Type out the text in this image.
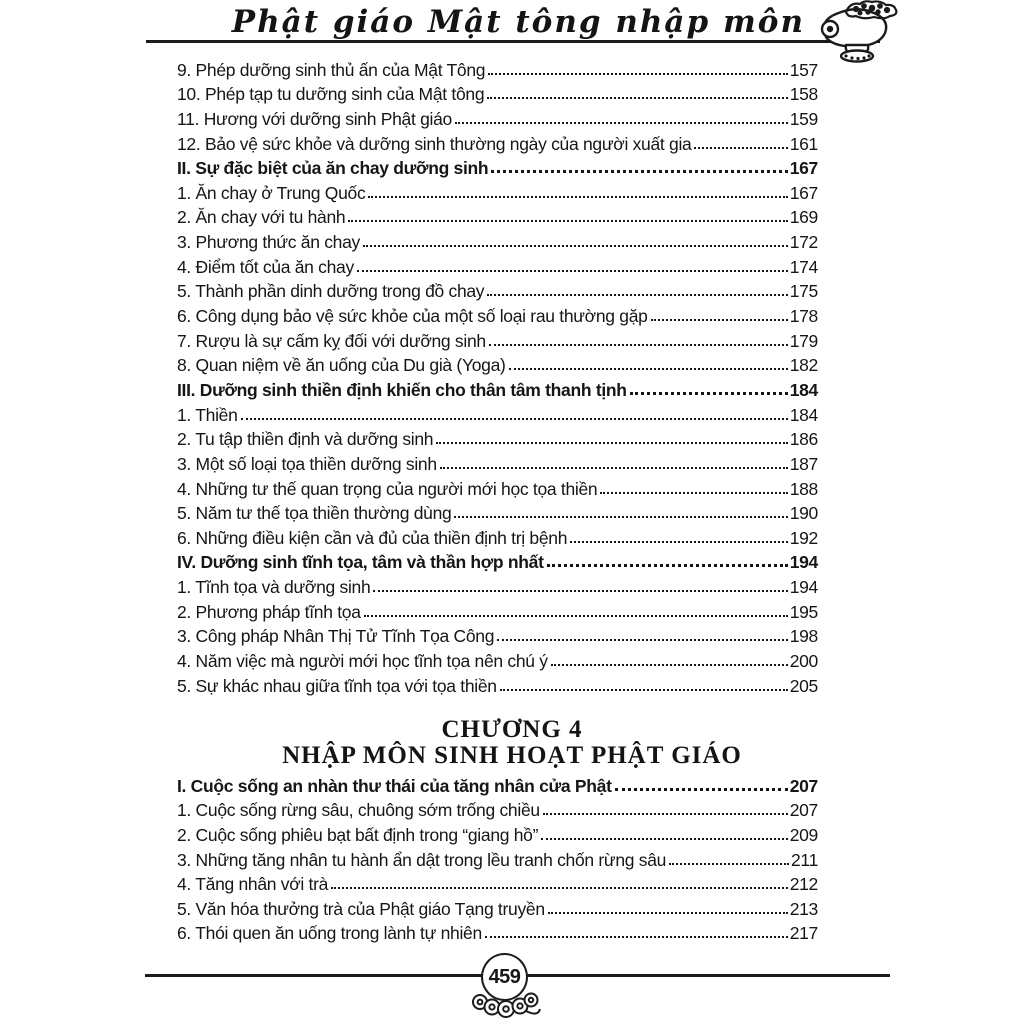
Phật giáo Mật tông nhập môn
9. Phép dưỡng sinh thủ ấn của Mật Tông	157
10. Phép tạp tu dưỡng sinh của Mật tông	158
11. Hương với dưỡng sinh Phật giáo	159
12. Bảo vệ sức khỏe và dưỡng sinh thường ngày của người xuất gia	161
II. Sự đặc biệt của ăn chay dưỡng sinh	167
1. Ăn chay ở Trung Quốc	167
2. Ăn chay với tu hành	169
3. Phương thức ăn chay	172
4. Điểm tốt của ăn chay	174
5. Thành phần dinh dưỡng trong đồ chay	175
6. Công dụng bảo vệ sức khỏe của một số loại rau thường gặp	178
7. Rượu là sự cấm kỵ đối với dưỡng sinh	179
8. Quan niệm về ăn uống của Du già (Yoga)	182
III. Dưỡng sinh thiền định khiến cho thân tâm thanh tịnh	184
1. Thiền	184
2. Tu tập thiền định và dưỡng sinh	186
3. Một số loại tọa thiền dưỡng sinh	187
4. Những tư thế quan trọng của người mới học tọa thiền	188
5. Năm tư thế tọa thiền thường dùng	190
6. Những điều kiện cần và đủ của thiền định trị bệnh	192
IV. Dưỡng sinh tĩnh tọa, tâm và thần hợp nhất	194
1. Tĩnh tọa và dưỡng sinh	194
2. Phương pháp tĩnh tọa	195
3. Công pháp Nhân Thị Tử Tĩnh Tọa Công	198
4. Năm việc mà người mới học tĩnh tọa nên chú ý	200
5. Sự khác nhau giữa tĩnh tọa với tọa thiền	205
CHƯƠNG 4
NHẬP MÔN SINH HOẠT PHẬT GIÁO
I. Cuộc sống an nhàn thư thái của tăng nhân cửa Phật	207
1. Cuộc sống rừng sâu, chuông sớm trống chiều	207
2. Cuộc sống phiêu bạt bất định trong “giang hồ”	209
3. Những tăng nhân tu hành ẩn dật trong lều tranh chốn rừng sâu	211
4. Tăng nhân với trà	212
5. Văn hóa thưởng trà của Phật giáo Tạng truyền	213
6. Thói quen ăn uống trong lành tự nhiên	217
459
